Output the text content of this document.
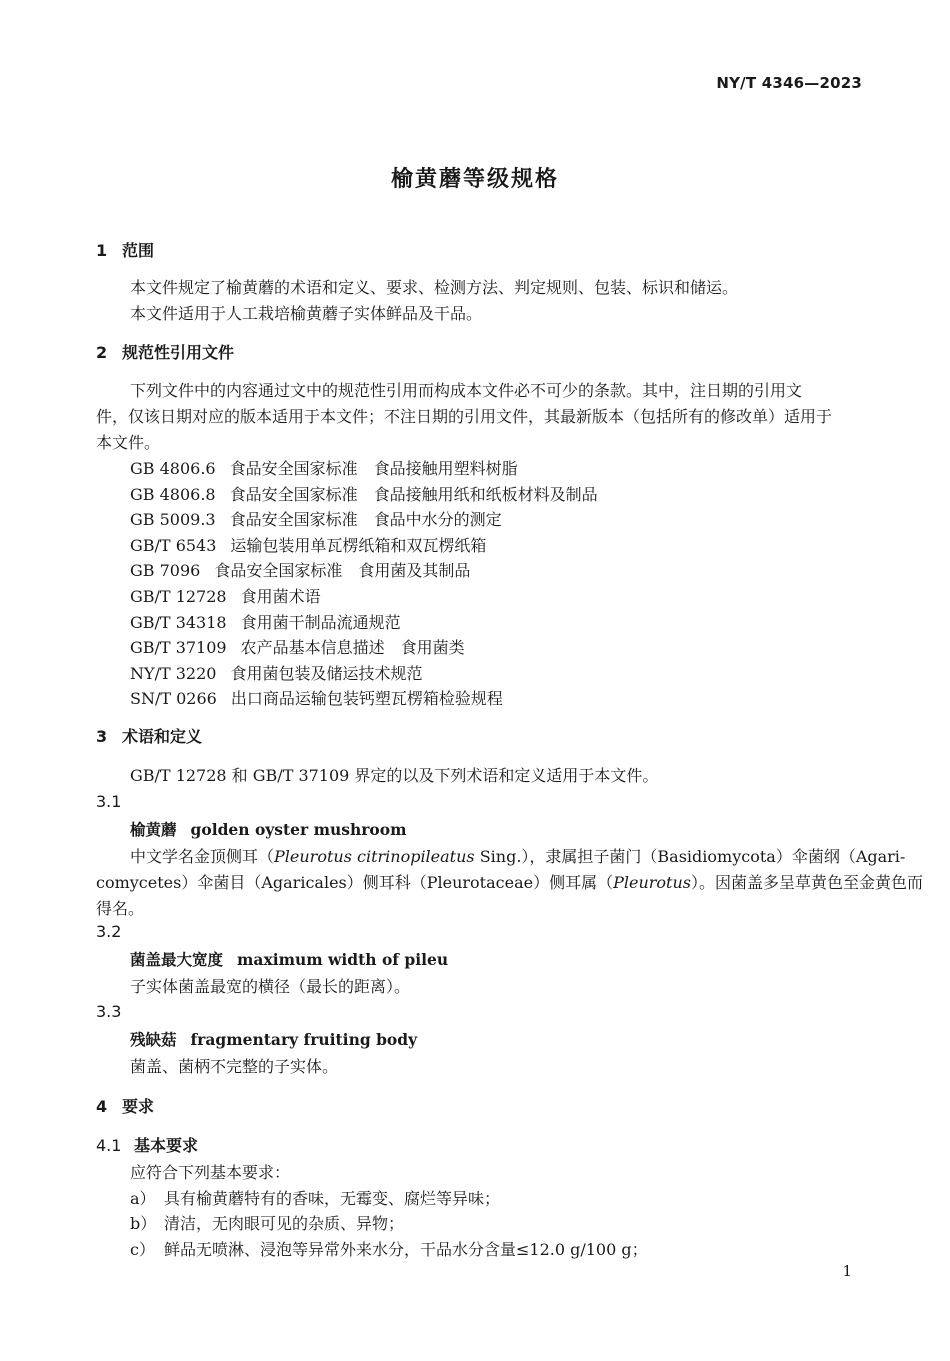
NY/T 4346—2023
榆黄蘑等级规格
1 范围
本文件规定了榆黄蘑的术语和定义、要求、检测方法、判定规则、包装、标识和储运。
本文件适用于人工栽培榆黄蘑子实体鲜品及干品。
2 规范性引用文件
下列文件中的内容通过文中的规范性引用而构成本文件必不可少的条款。其中，注日期的引用文
件，仅该日期对应的版本适用于本文件；不注日期的引用文件，其最新版本（包括所有的修改单）适用于
本文件。
GB 4806.6 食品安全国家标准　食品接触用塑料树脂
GB 4806.8 食品安全国家标准　食品接触用纸和纸板材料及制品
GB 5009.3 食品安全国家标准　食品中水分的测定
GB/T 6543 运输包装用单瓦楞纸箱和双瓦楞纸箱
GB 7096 食品安全国家标准　食用菌及其制品
GB/T 12728 食用菌术语
GB/T 34318 食用菌干制品流通规范
GB/T 37109 农产品基本信息描述　食用菌类
NY/T 3220 食用菌包装及储运技术规范
SN/T 0266 出口商品运输包装钙塑瓦楞箱检验规程
3 术语和定义
GB/T 12728 和 GB/T 37109 界定的以及下列术语和定义适用于本文件。
3.1
榆黄蘑 golden oyster mushroom
中文学名金顶侧耳（Pleurotus citrinopileatus Sing.），隶属担子菌门（Basidiomycota）伞菌纲（Agari-
comycetes）伞菌目（Agaricales）侧耳科（Pleurotaceae）侧耳属（Pleurotus）。因菌盖多呈草黄色至金黄色而
得名。
3.2
菌盖最大宽度 maximum width of pileu
子实体菌盖最宽的横径（最长的距离）。
3.3
残缺菇 fragmentary fruiting body
菌盖、菌柄不完整的子实体。
4 要求
4.1 基本要求
应符合下列基本要求：
a） 具有榆黄蘑特有的香味，无霉变、腐烂等异味；
b） 清洁，无肉眼可见的杂质、异物；
c） 鲜品无喷淋、浸泡等异常外来水分，干品水分含量≤12.0 g/100 g；
1
